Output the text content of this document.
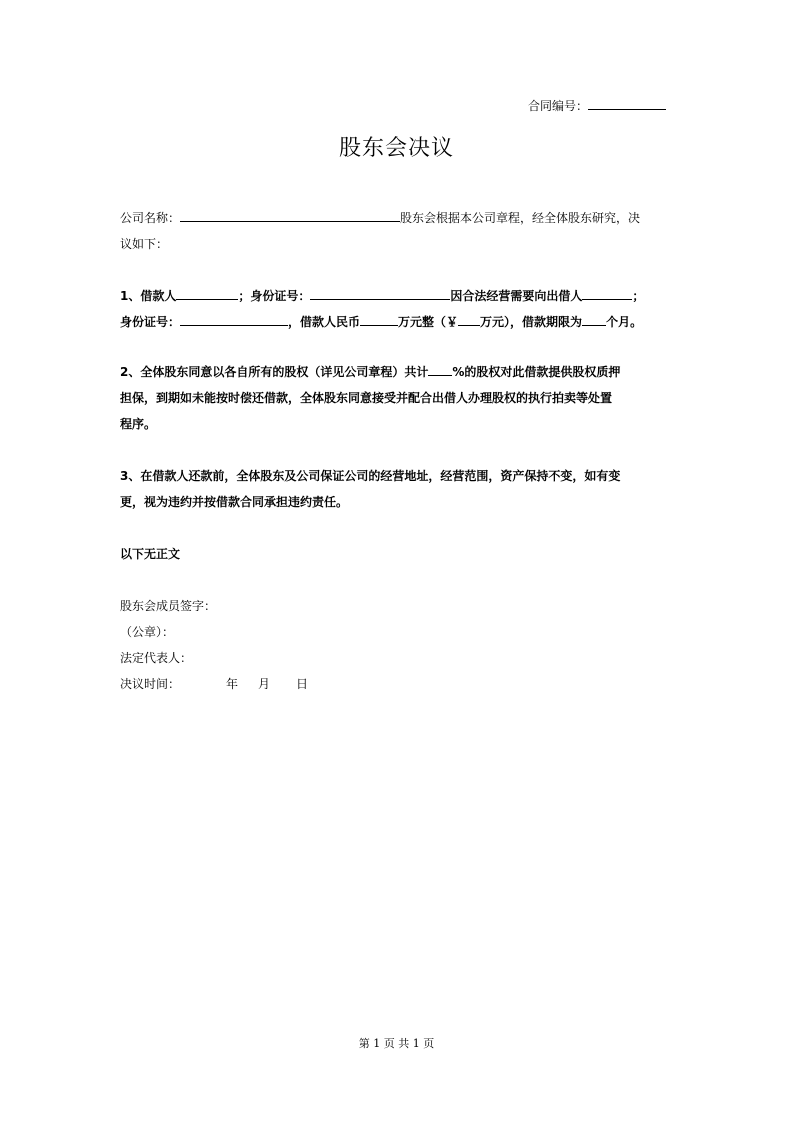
合同编号：
股东会决议
公司名称：	股东会根据本公司章程，经全体股东研究，决
议如下：
1、借款人	；身份证号：	因合法经营需要向出借人	；
身份证号：	，借款人民币	万元整（￥ 万元），借款期限为 个月。
2、全体股东同意以各自所有的股权（详见公司章程）共计 %的股权对此借款提供股权质押
担保，到期如未能按时偿还借款，全体股东同意接受并配合出借人办理股权的执行拍卖等处置
程序。
3、在借款人还款前，全体股东及公司保证公司的经营地址，经营范围，资产保持不变，如有变
更，视为违约并按借款合同承担违约责任。
以下无正文
股东会成员签字：
（公章）：
法定代表人：
决议时间：	年 月 日
第 1 页 共 1 页
